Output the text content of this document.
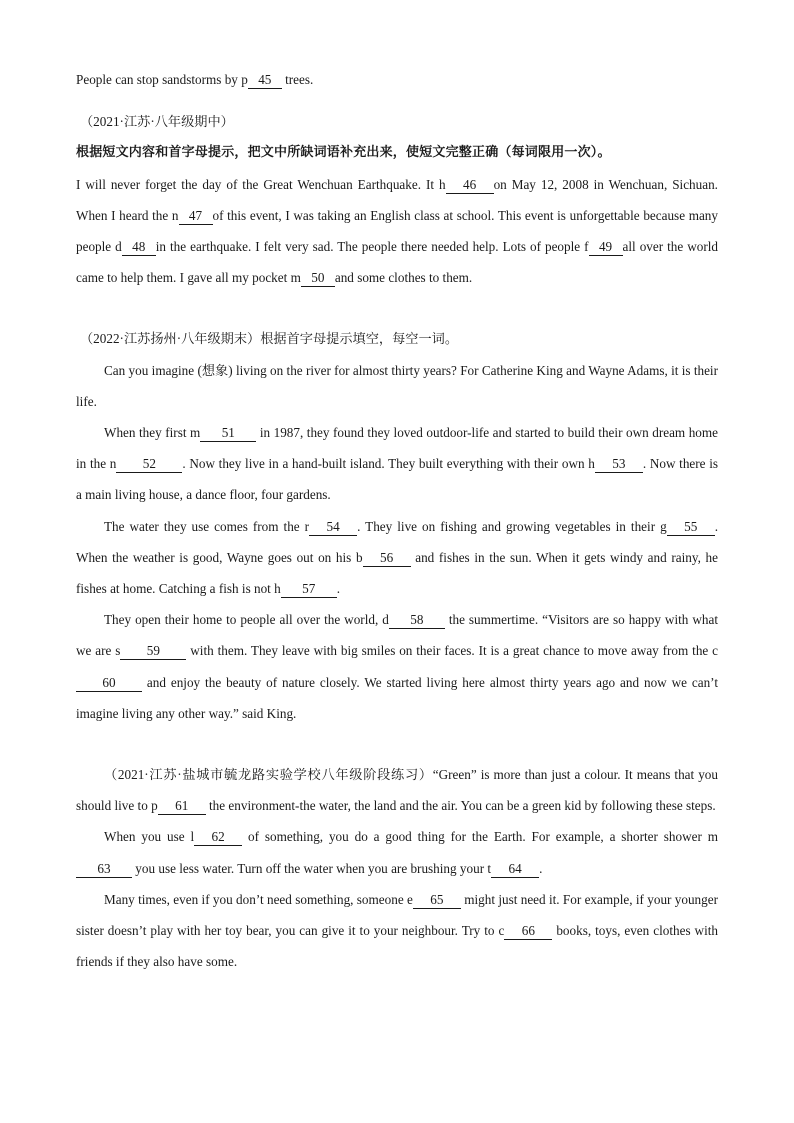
People can stop sandstorms by p 45 trees.

（2021·江苏·八年级期中）

根据短文内容和首字母提示，把文中所缺词语补充出来，使短文完整正确（每词限用一次）。

I will never forget the day of the Great Wenchuan Earthquake. It h 46 on May 12, 2008 in Wenchuan, Sichuan. When I heard the n 47 of this event, I was taking an English class at school. This event is unforgettable because many people d 48 in the earthquake. I felt very sad. The people there needed help. Lots of people f 49 all over the world came to help them. I gave all my pocket m 50 and some clothes to them.

（2022·江苏扬州·八年级期末）根据首字母提示填空，每空一词。

Can you imagine (想象) living on the river for almost thirty years? For Catherine King and Wayne Adams, it is their life.

When they first m 51 in 1987, they found they loved outdoor-life and started to build their own dream home in the n 52 . Now they live in a hand-built island. They built everything with their own h 53 . Now there is a main living house, a dance floor, four gardens.

The water they use comes from the r 54 . They live on fishing and growing vegetables in their g 55 . When the weather is good, Wayne goes out on his b 56 and fishes in the sun. When it gets windy and rainy, he fishes at home. Catching a fish is not h 57 .

They open their home to people all over the world, d 58 the summertime. “Visitors are so happy with what we are s 59 with them. They leave with big smiles on their faces. It is a great chance to move away from the c60 and enjoy the beauty of nature closely. We started living here almost thirty years ago and now we can’t imagine living any other way.” said King.

（2021·江苏·盐城市毓龙路实验学校八年级阶段练习）“Green” is more than just a colour. It means that you should live to p 61 the environment-the water, the land and the air. You can be a green kid by following these steps.

When you use l 62 of something, you do a good thing for the Earth. For example, a shorter shower m63 you use less water. Turn off the water when you are brushing your t 64 .

Many times, even if you don’t need something, someone e 65 might just need it. For example, if your younger sister doesn’t play with her toy bear, you can give it to your neighbour. Try to c 66 books, toys, even clothes with friends if they also have some.
